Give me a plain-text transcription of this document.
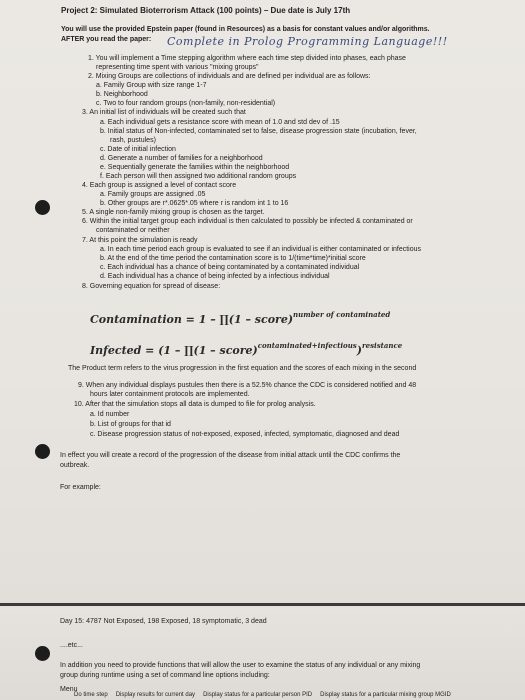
Project 2: Simulated Bioterrorism Attack (100 points) – Due date is July 17th
You will use the provided Epstein paper (found in Resources) as a basis for constant values and/or algorithms.
AFTER you read the paper: Complete in Prolog Programming Language!!!
1. You will implement a Time stepping algorithm where each time step divided into phases, each phase
representing time spent with various "mixing groups"
2. Mixing Groups are collections of individuals and are defined per individual are as follows:
a. Family Group with size range 1-7
b. Neighborhood
c. Two to four random groups (non-family, non-residential)
3. An initial list of individuals will be created such that
a. Each individual gets a resistance score with mean of 1.0 and std dev of .15
b. Initial status of Non-infected, contaminated set to false, disease progression state (incubation, fever,
rash, pustules)
c. Date of initial infection
d. Generate a number of families for a neighborhood
e. Sequentially generate the families within the neighborhood
f. Each person will then assigned two additional random groups
4. Each group is assigned a level of contact score
a. Family groups are assigned .05
b. Other groups are r*.0625*.05 where r is random int 1 to 16
5. A single non-family mixing group is chosen as the target.
6. Within the initial target group each individual is then calculated to possibly be infected & contaminated or
contaminated or neither
7. At this point the simulation is ready
a. In each time period each group is evaluated to see if an individual is either contaminated or infectious
b. At the end of the time period the contamination score is to 1/(time*time)*initial score
c. Each individual has a chance of being contaminated by a contaminated individual
d. Each individual has a chance of being infected by a infectious individual
8. Governing equation for spread of disease:
Contamination = 1 – ∏(1 – score)$^{number of contaminated}$
Infected = (1 – ∏(1 – score)$^{contaminated+infectious}$)$^{resistance}$
The Product term refers to the virus progression in the first equation and the scores of each mixing in the second
9. When any individual displays pustules then there is a 52.5% chance the CDC is considered notified and 48
hours later containment protocols are implemented.
10. After that the simulation stops all data is dumped to file for prolog analysis.
a. Id number
b. List of groups for that id
c. Disease progression status of not-exposed, exposed, infected, symptomatic, diagnosed and dead
In effect you will create a record of the progression of the disease from initial attack until the CDC confirms the
outbreak.
For example:
Day 15: 4787 Not Exposed, 198 Exposed, 18 symptomatic, 3 dead
....etc...
In addition you need to provide functions that will allow the user to examine the status of any individual or any mixing
group during runtime using a set of command line options including:
Menu
Do time step Display results for current day Display status for a particular person PID Display status for a particular mixing group MGID
